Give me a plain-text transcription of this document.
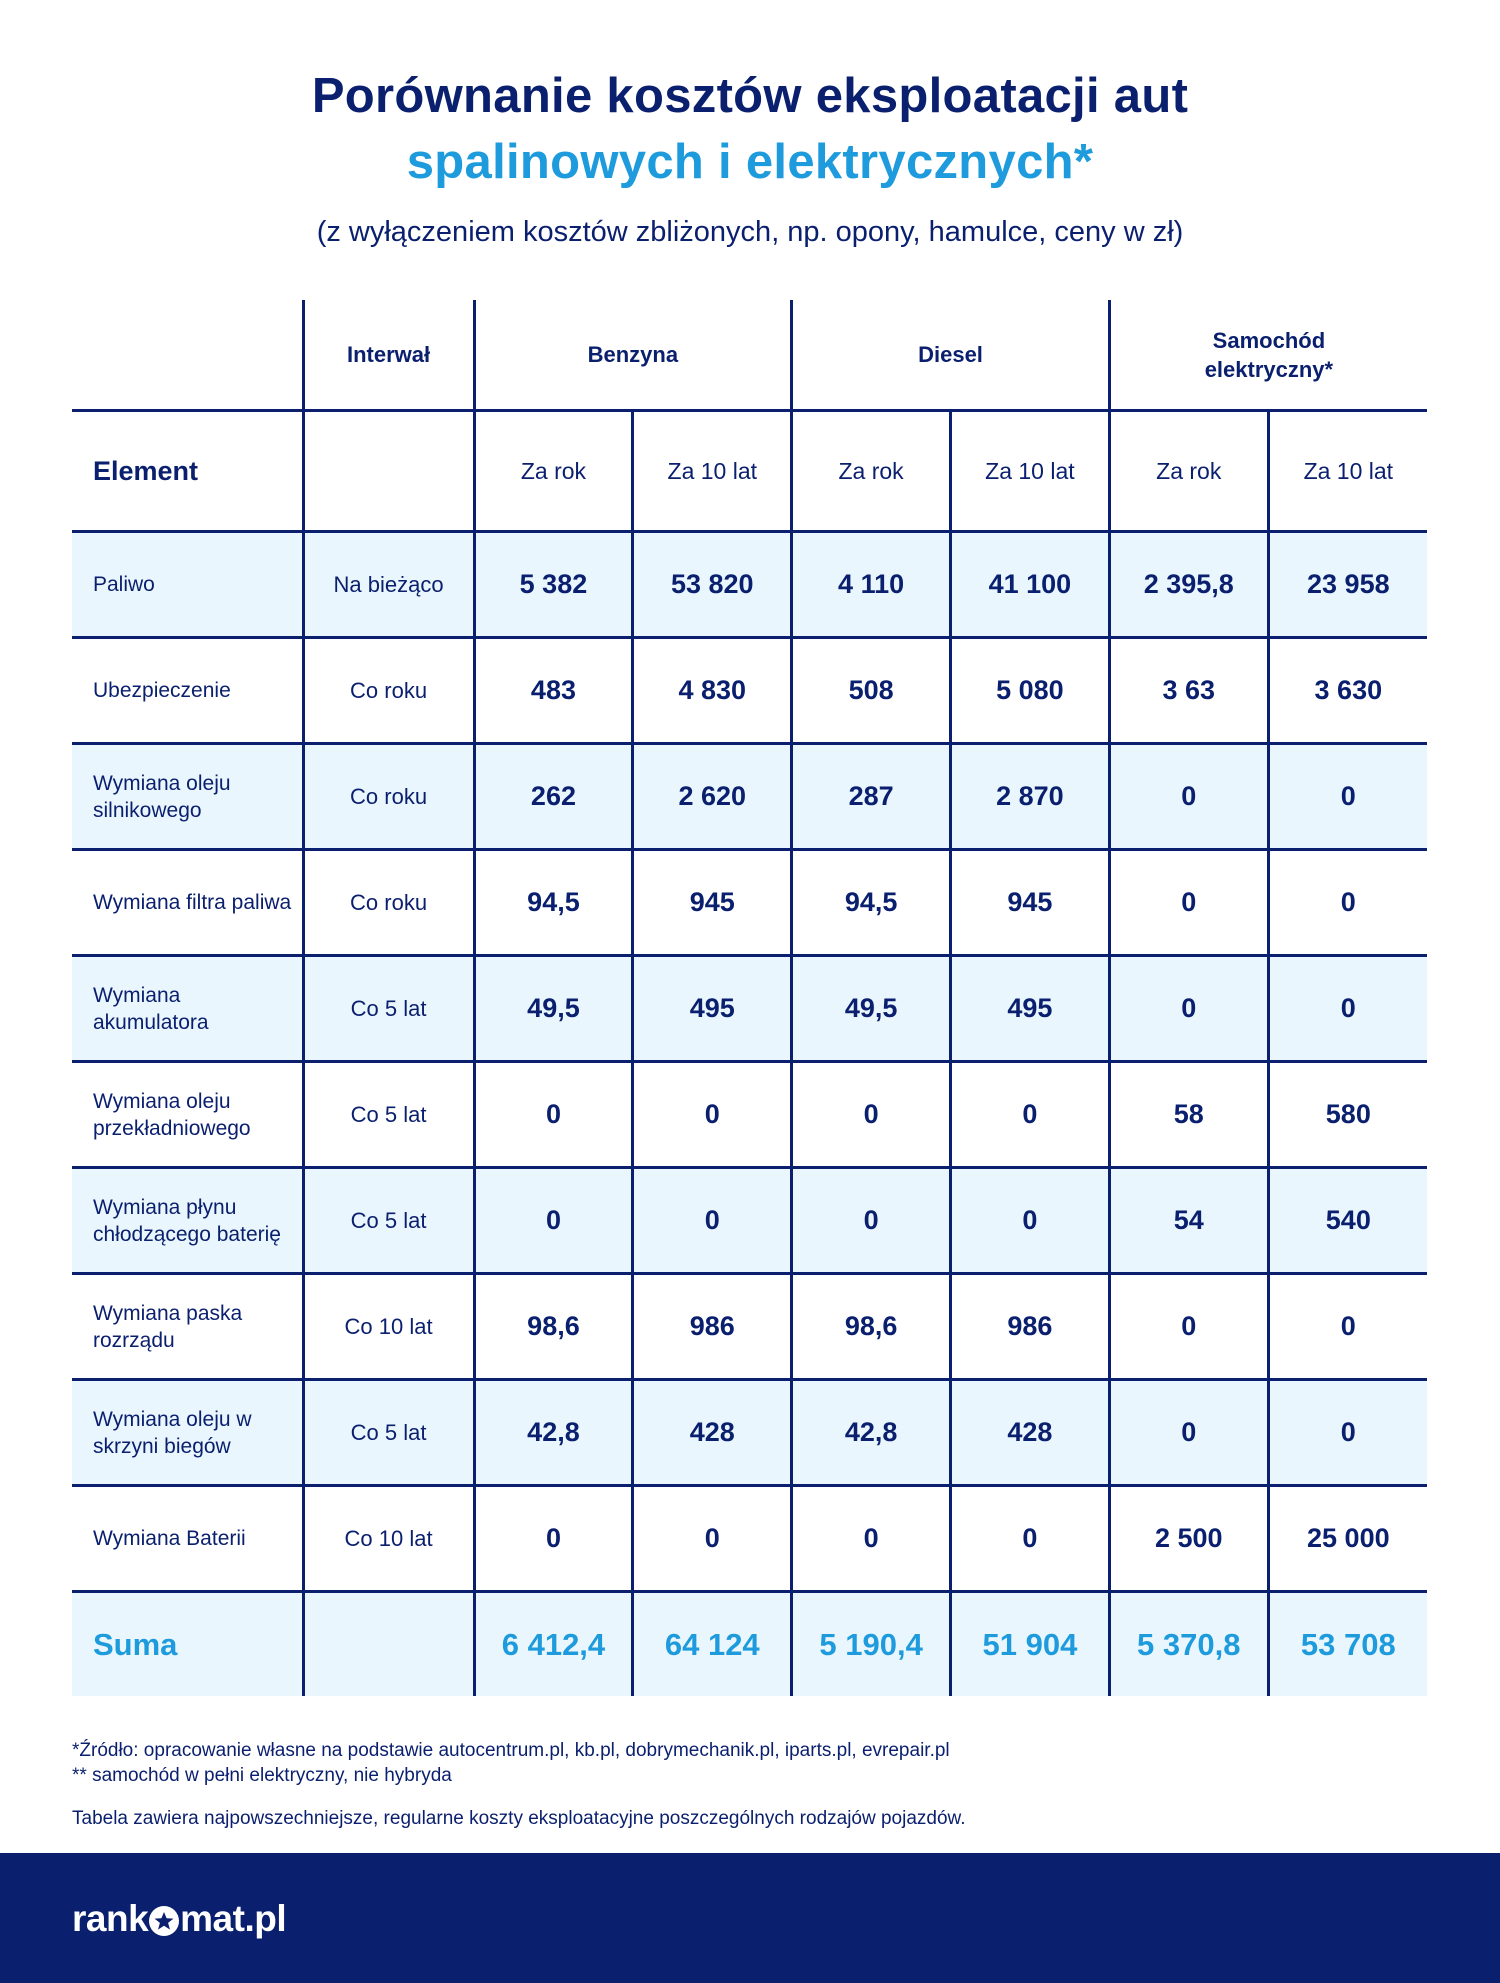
Porównanie kosztów eksploatacji aut
spalinowych i elektrycznych*
(z wyłączeniem kosztów zbliżonych, np. opony, hamulce, ceny w zł)
	Interwał	Benzyna		Diesel		Samochód elektryczny*	
Element		Za rok	Za 10 lat	Za rok	Za 10 lat	Za rok	Za 10 lat
Paliwo	Na bieżąco	5 382	53 820	4 110	41 100	2 395,8	23 958
Ubezpieczenie	Co roku	483	4 830	508	5 080	3 63	3 630
Wymiana oleju silnikowego	Co roku	262	2 620	287	2 870	0	0
Wymiana filtra paliwa	Co roku	94,5	945	94,5	945	0	0
Wymiana akumulatora	Co 5 lat	49,5	495	49,5	495	0	0
Wymiana oleju przekładniowego	Co 5 lat	0	0	0	0	58	580
Wymiana płynu chłodzącego baterię	Co 5 lat	0	0	0	0	54	540
Wymiana paska rozrządu	Co 10 lat	98,6	986	98,6	986	0	0
Wymiana oleju w skrzyni biegów	Co 5 lat	42,8	428	42,8	428	0	0
Wymiana Baterii	Co 10 lat	0	0	0	0	2 500	25 000
Suma		6 412,4	64 124	5 190,4	51 904	5 370,8	53 708
*Źródło: opracowanie własne na podstawie autocentrum.pl, kb.pl, dobrymechanik.pl, iparts.pl, evrepair.pl
** samochód w pełni elektryczny, nie hybryda
Tabela zawiera najpowszechniejsze, regularne koszty eksploatacyjne poszczególnych rodzajów pojazdów.
rank mat.pl
